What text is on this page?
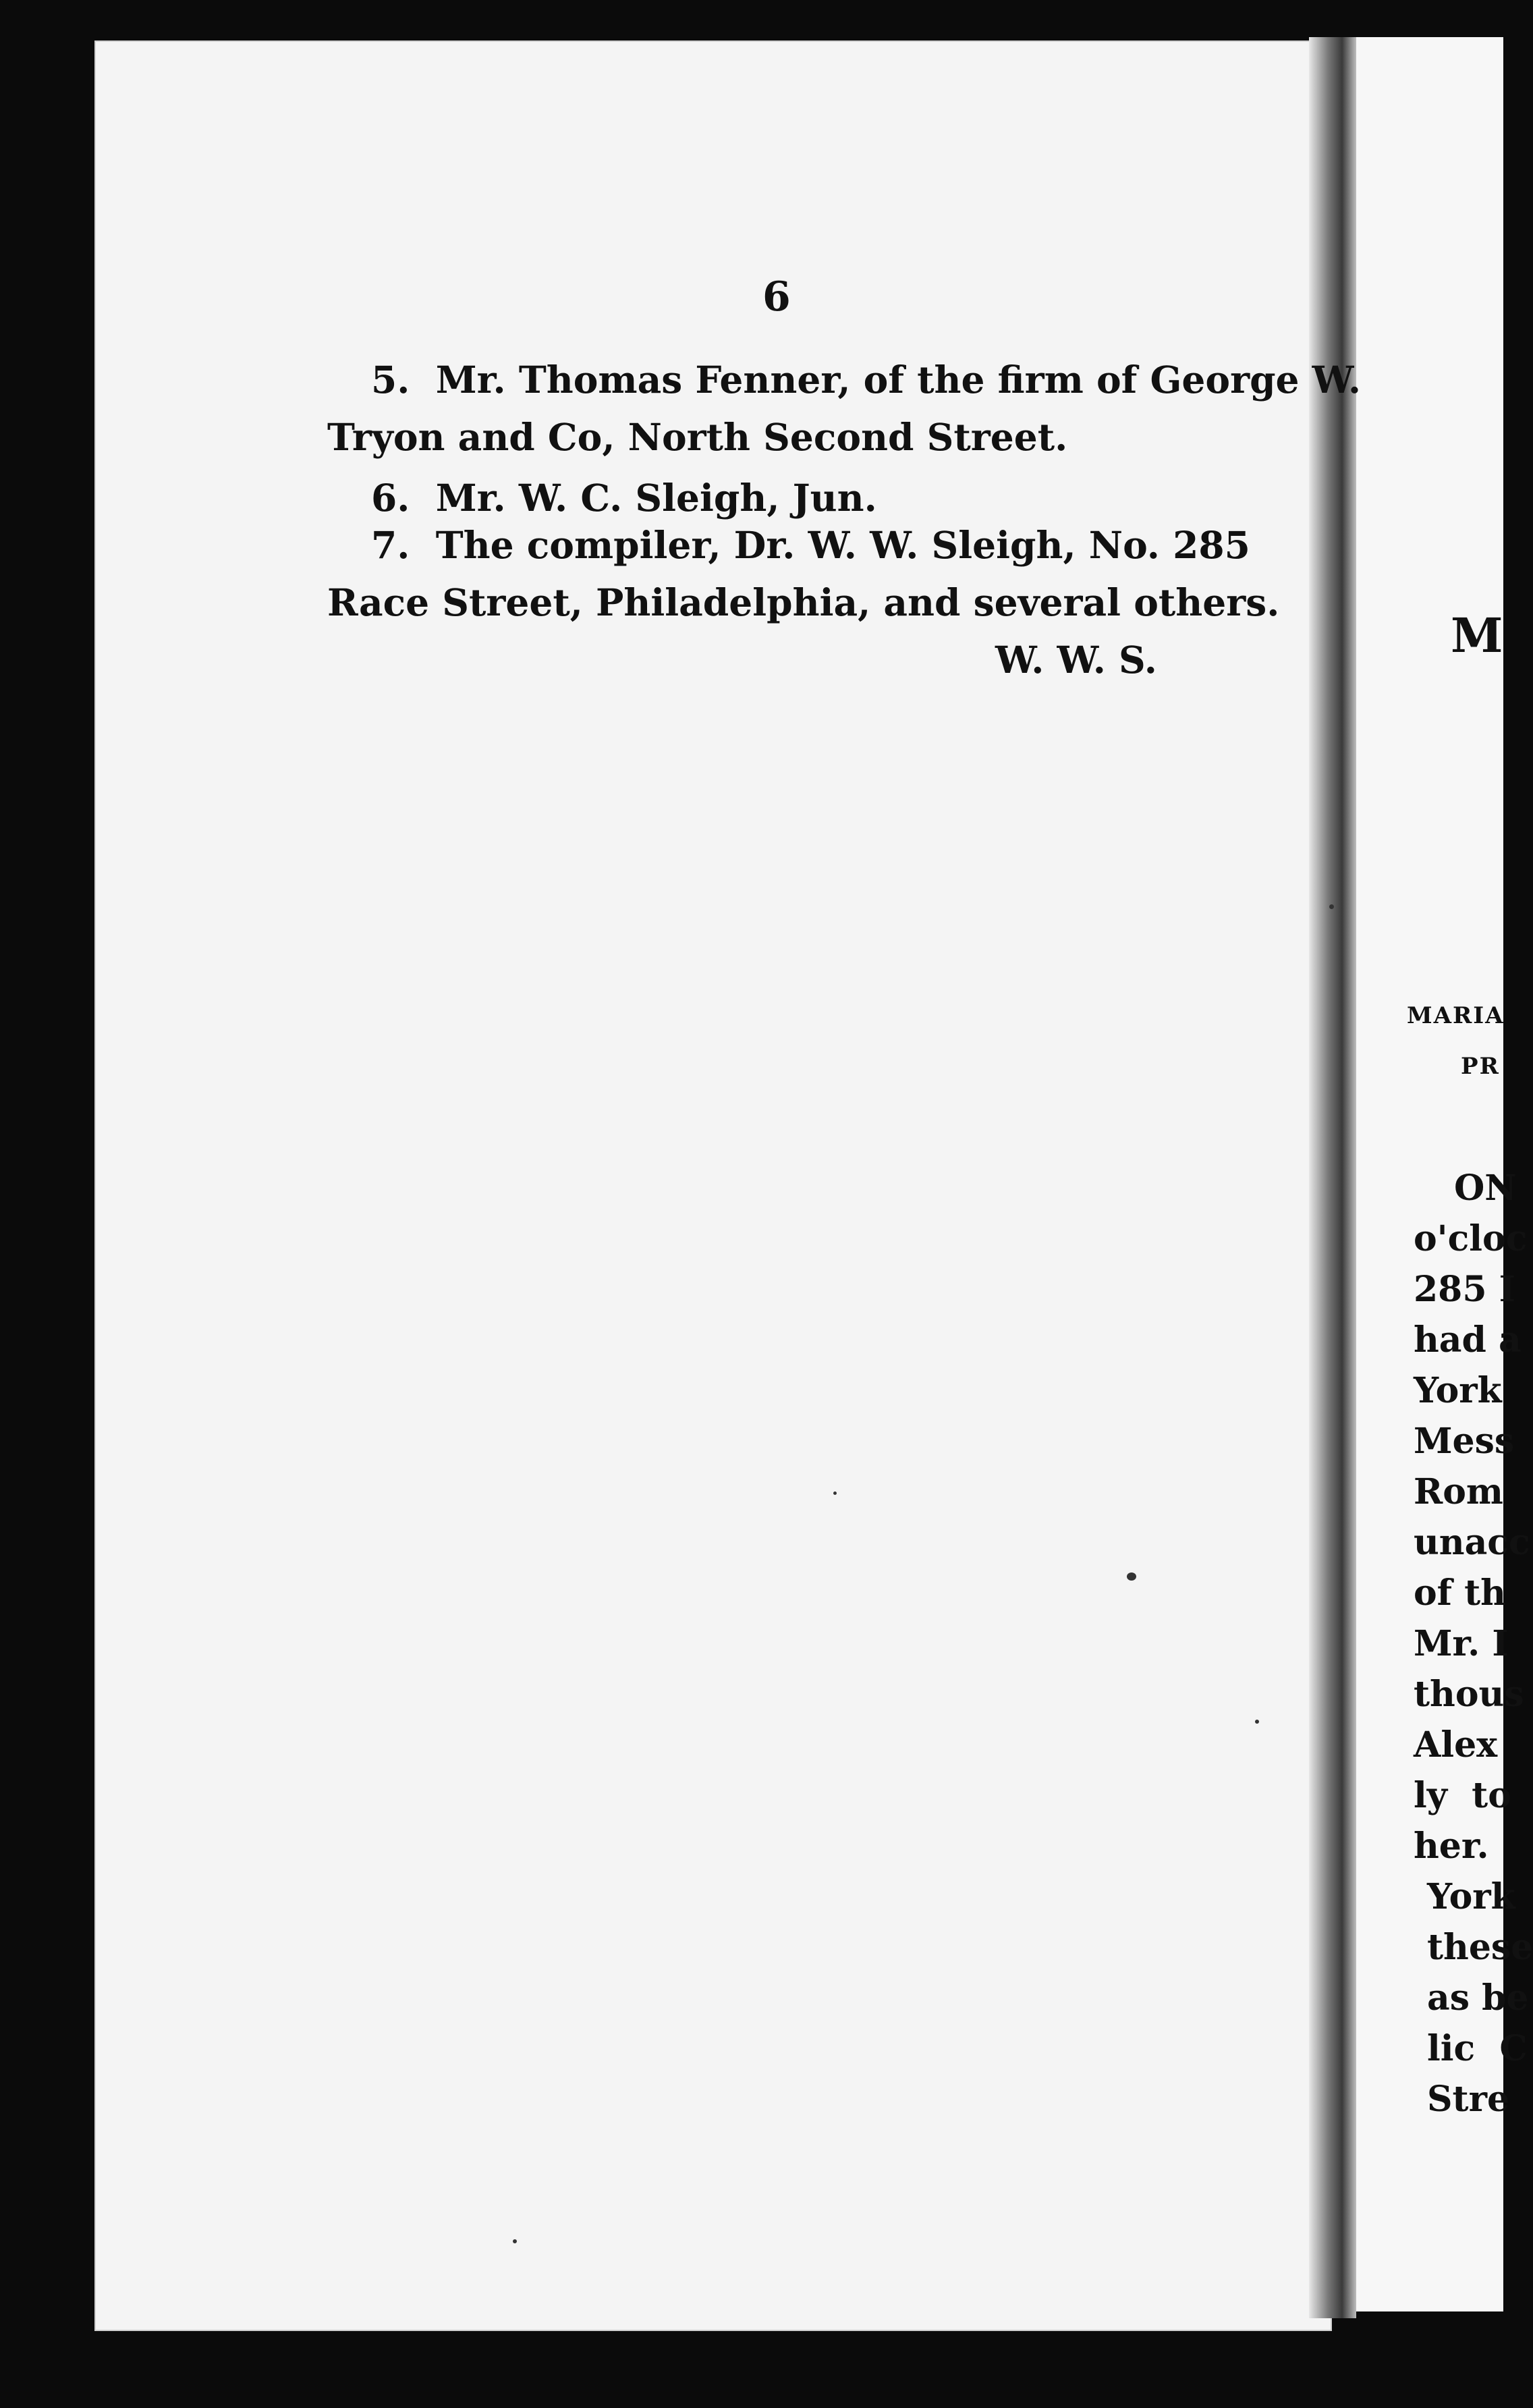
6
5.  Mr. Thomas Fenner, of the firm of George W.
Tryon and Co, North Second Street.
6.  Mr. W. C. Sleigh, Jun.
7.  The compiler, Dr. W. W. Sleigh, No. 285
Race Street, Philadelphia, and several others.
W. W. S.	M
MARIA
PR
ON
o'cloc
285 I
had a
York
Mess
Rom
unacc
of th
Mr. I
thous
Alex
ly  to
her.
York
these
as be
lic  C
Stre
